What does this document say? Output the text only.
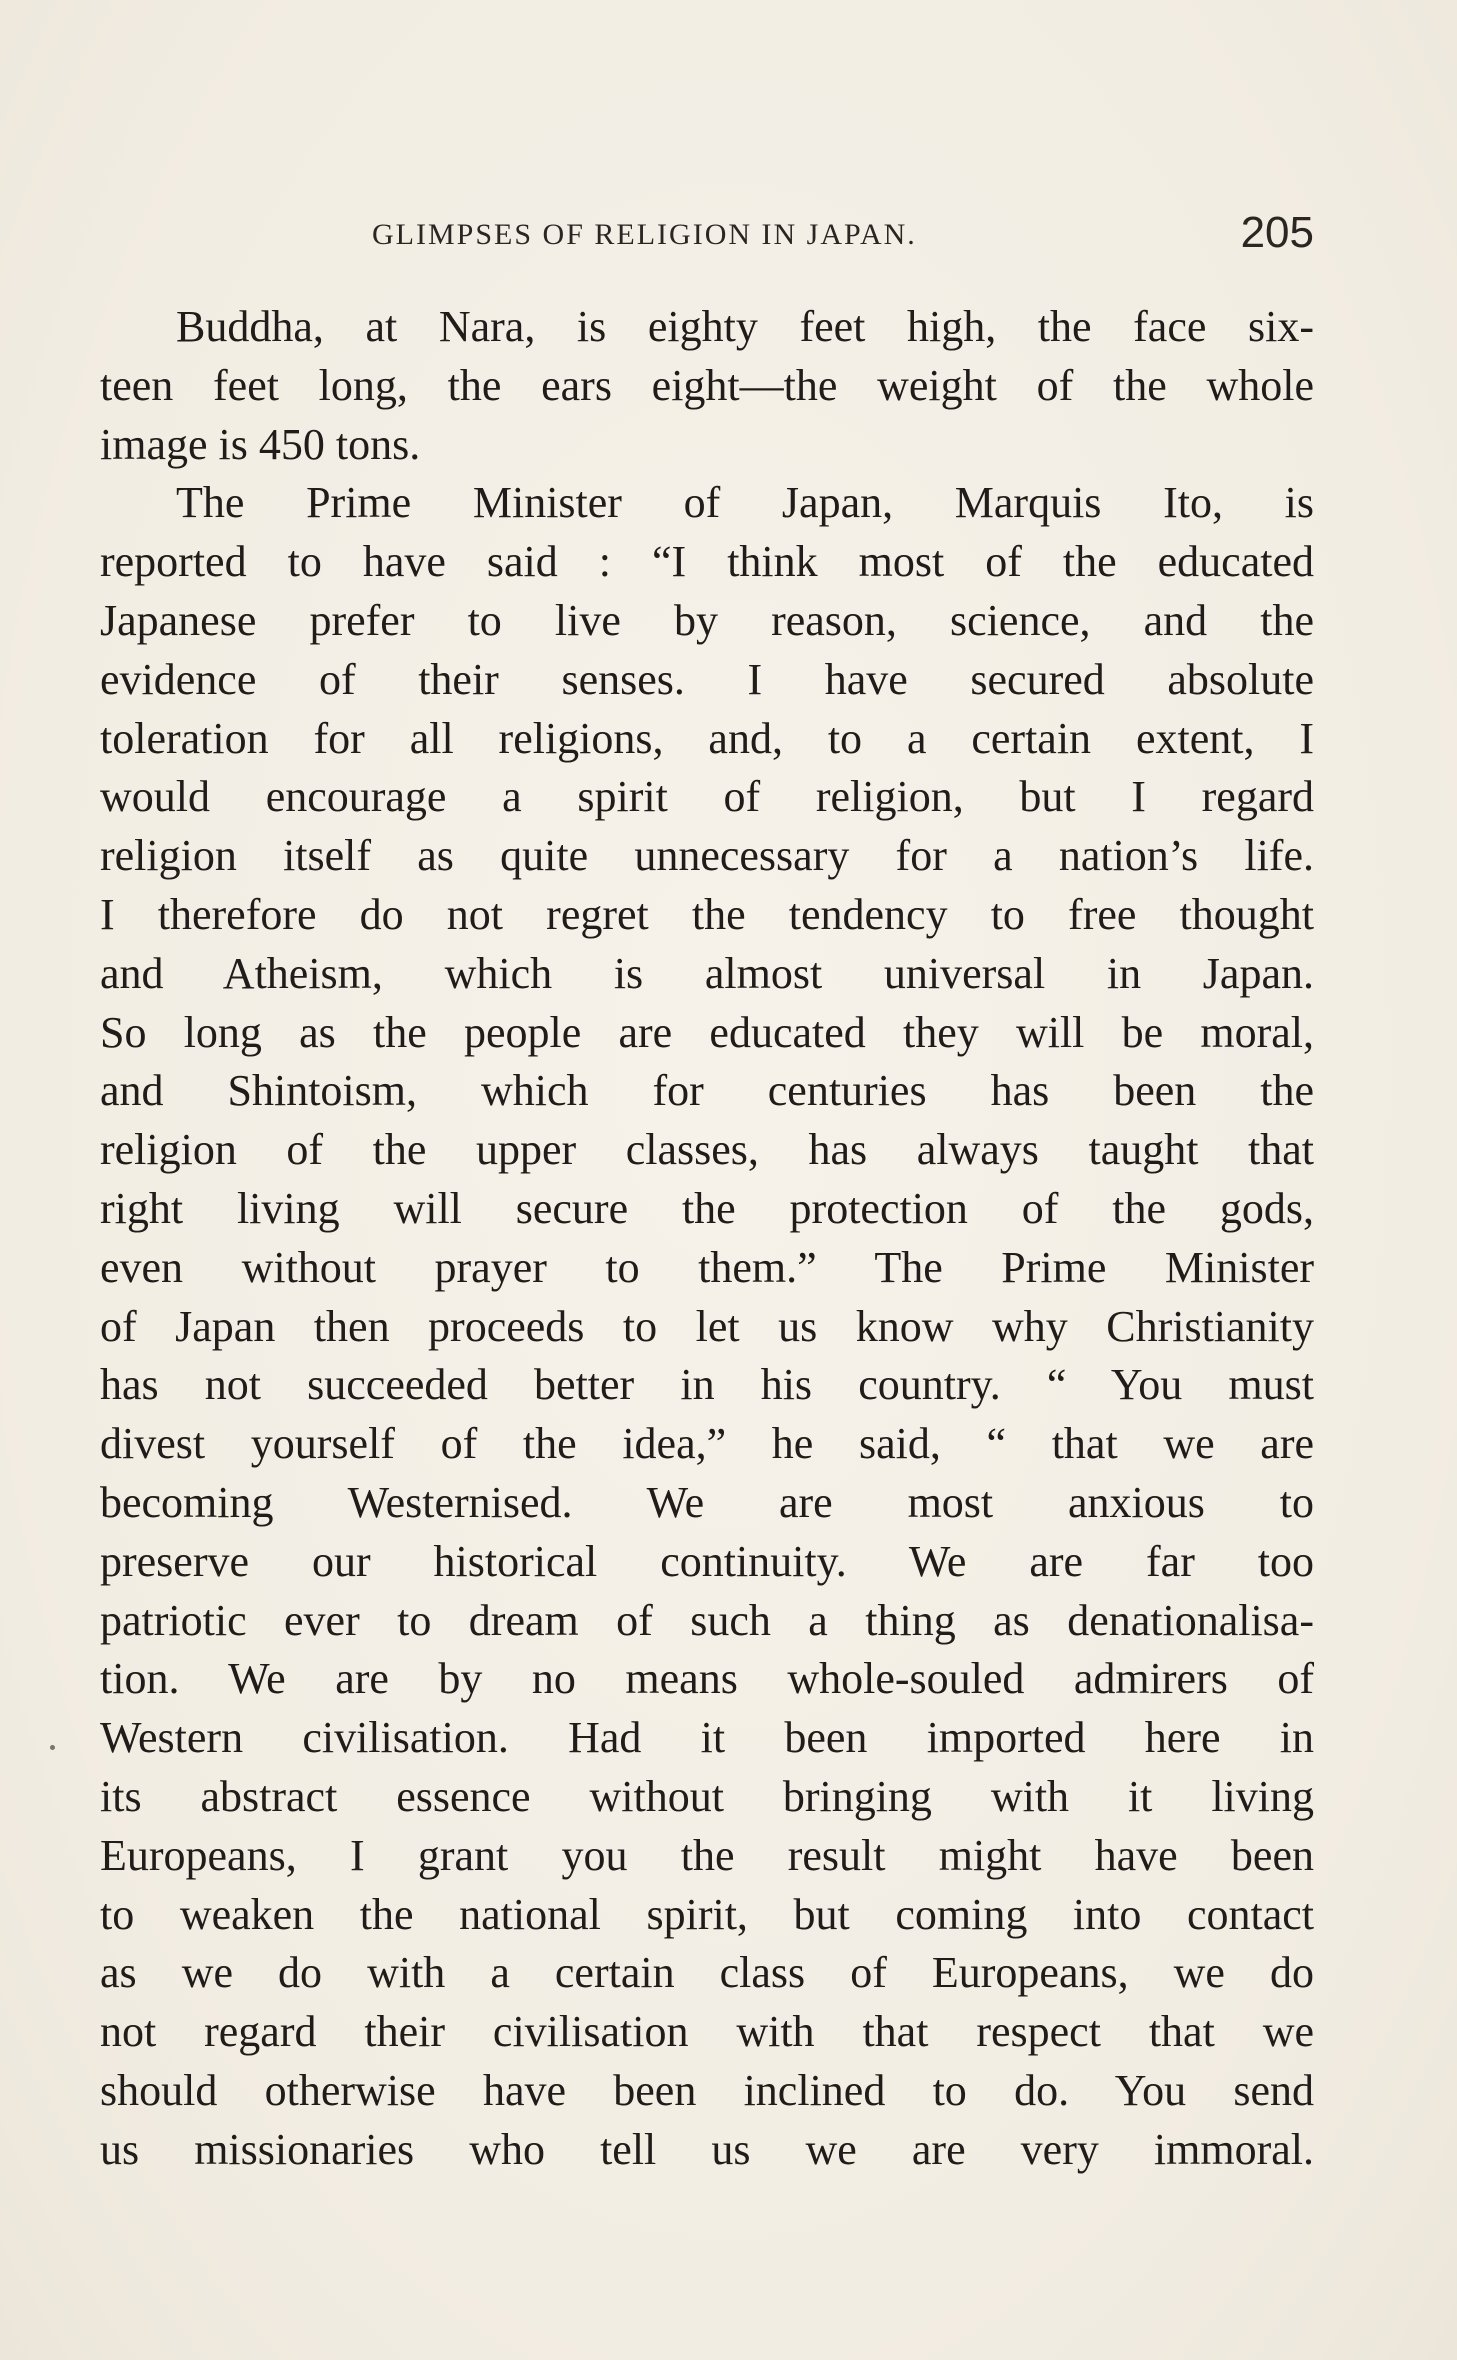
GLIMPSES OF RELIGION IN JAPAN.	205
Buddha, at Nara, is eighty feet high, the face six-
teen feet long, the ears eight—the weight of the whole
image is 450 tons.
The Prime Minister of Japan, Marquis Ito, is
reported to have said : “I think most of the educated
Japanese prefer to live by reason, science, and the
evidence of their senses. I have secured absolute
toleration for all religions, and, to a certain extent, I
would encourage a spirit of religion, but I regard
religion itself as quite unnecessary for a nation’s life.
I therefore do not regret the tendency to free thought
and Atheism, which is almost universal in Japan.
So long as the people are educated they will be moral,
and Shintoism, which for centuries has been the
religion of the upper classes, has always taught that
right living will secure the protection of the gods,
even without prayer to them.” The Prime Minister
of Japan then proceeds to let us know why Christianity
has not succeeded better in his country. “ You must
divest yourself of the idea,” he said, “ that we are
becoming Westernised. We are most anxious to
preserve our historical continuity. We are far too
patriotic ever to dream of such a thing as denationalisa-
tion. We are by no means whole-souled admirers of
Western civilisation. Had it been imported here in
its abstract essence without bringing with it living
Europeans, I grant you the result might have been
to weaken the national spirit, but coming into contact
as we do with a certain class of Europeans, we do
not regard their civilisation with that respect that we
should otherwise have been inclined to do. You send
us missionaries who tell us we are very immoral.
